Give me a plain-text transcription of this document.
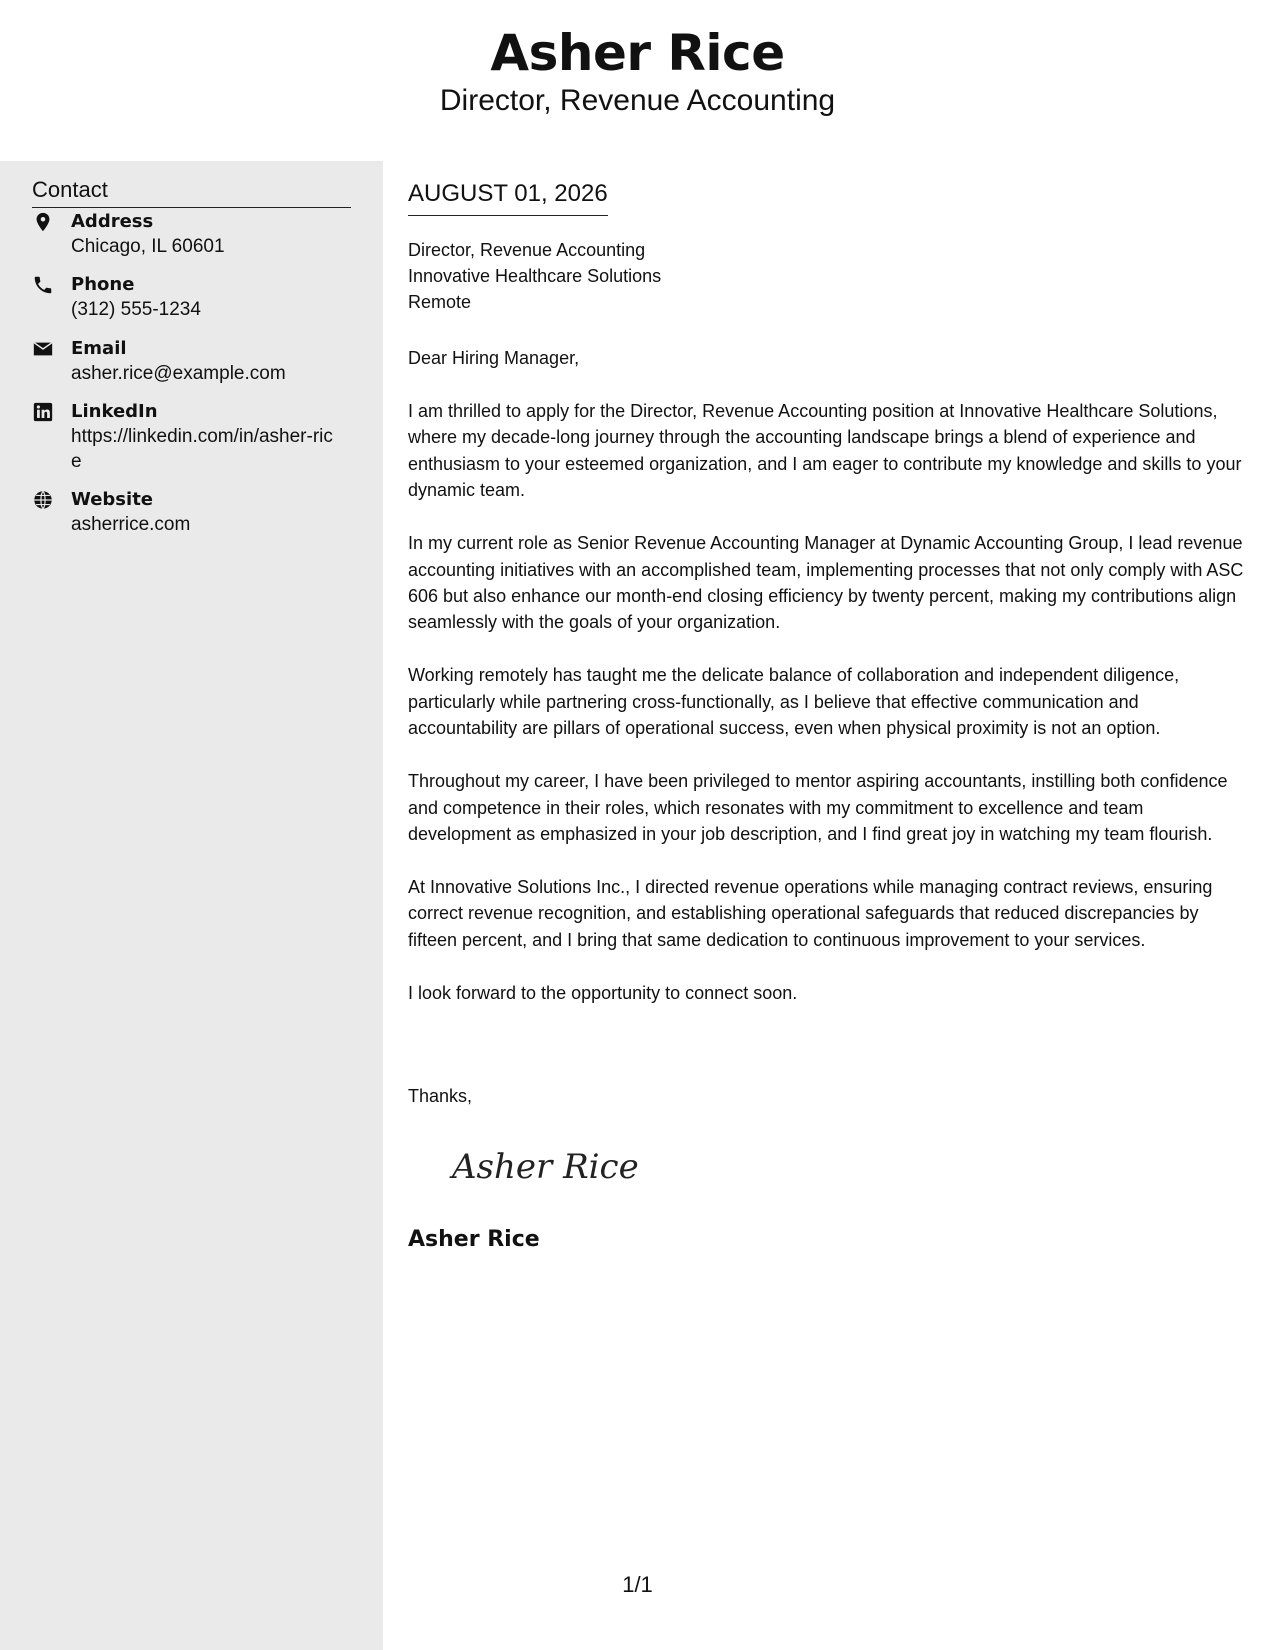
Asher Rice
Director, Revenue Accounting
Contact
Address
Chicago, IL 60601
Phone
(312) 555-1234
Email
asher.rice@example.com
LinkedIn
https://linkedin.com/in/asher-rice
Website
asherrice.com
AUGUST 01, 2026
Director, Revenue Accounting
Innovative Healthcare Solutions
Remote
Dear Hiring Manager,

I am thrilled to apply for the Director, Revenue Accounting position at Innovative Healthcare Solutions, where my decade-long journey through the accounting landscape brings a blend of experience and enthusiasm to your esteemed organization, and I am eager to contribute my knowledge and skills to your dynamic team.

In my current role as Senior Revenue Accounting Manager at Dynamic Accounting Group, I lead revenue accounting initiatives with an accomplished team, implementing processes that not only comply with ASC 606 but also enhance our month-end closing efficiency by twenty percent, making my contributions align seamlessly with the goals of your organization.

Working remotely has taught me the delicate balance of collaboration and independent diligence, particularly while partnering cross-functionally, as I believe that effective communication and accountability are pillars of operational success, even when physical proximity is not an option.

Throughout my career, I have been privileged to mentor aspiring accountants, instilling both confidence and competence in their roles, which resonates with my commitment to excellence and team development as emphasized in your job description, and I find great joy in watching my team flourish.

At Innovative Solutions Inc., I directed revenue operations while managing contract reviews, ensuring correct revenue recognition, and establishing operational safeguards that reduced discrepancies by fifteen percent, and I bring that same dedication to continuous improvement to your services.

I look forward to the opportunity to connect soon.

Thanks,
Asher Rice
Asher Rice
1/1
